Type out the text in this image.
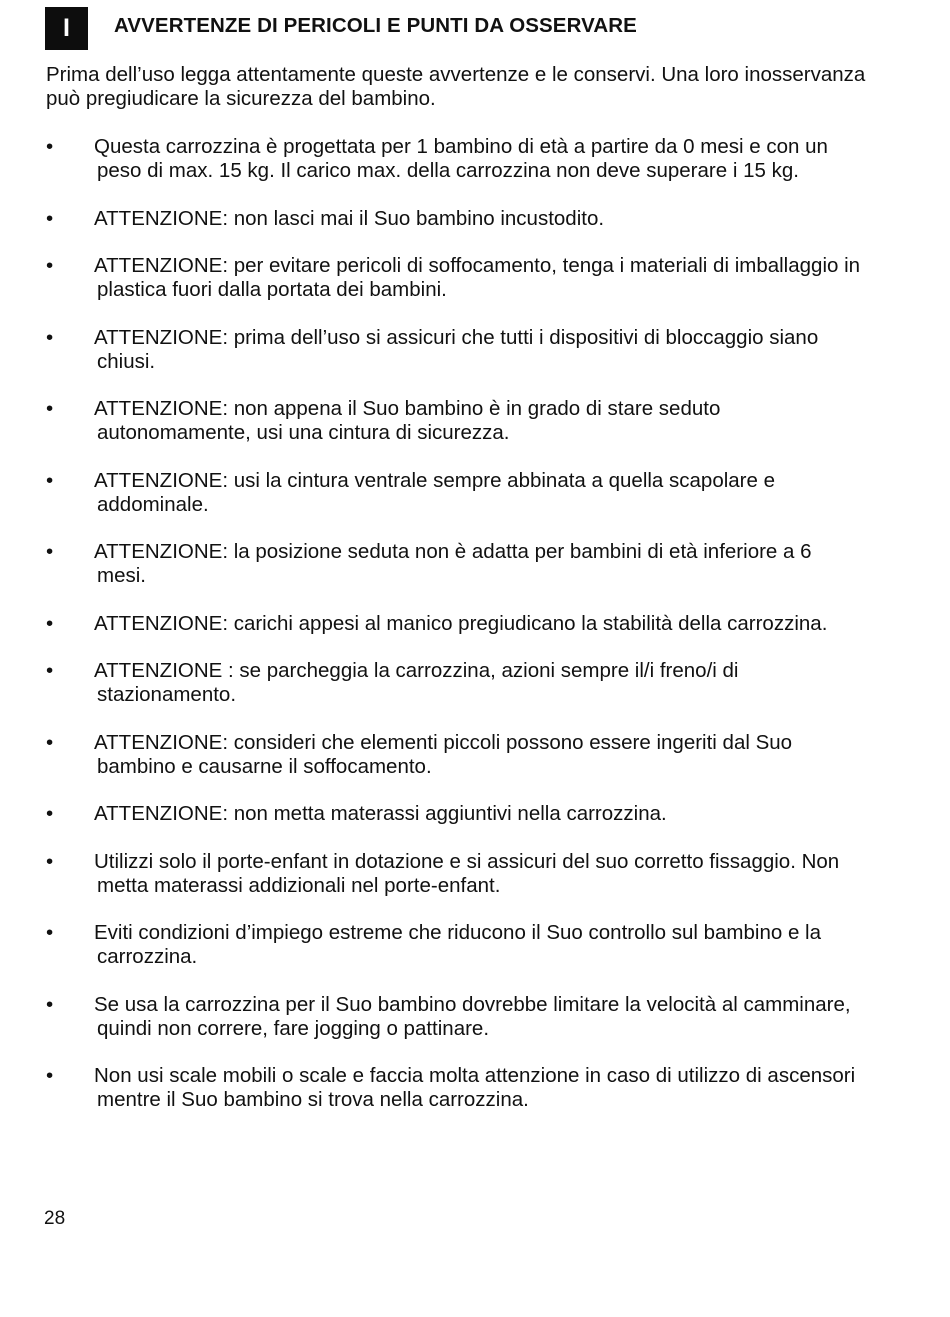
I	AVVERTENZE DI PERICOLI E PUNTI DA OSSERVARE

Prima dell’uso legga attentamente queste avvertenze e le conservi. Una loro inosservanza può pregiudicare la sicurezza del bambino.

•	Questa carrozzina è progettata per 1 bambino di età a partire da 0 mesi e con un peso di max. 15 kg. Il carico max. della carrozzina non deve superare i 15 kg.
•	ATTENZIONE: non lasci mai il Suo bambino incustodito.
•	ATTENZIONE: per evitare pericoli di soffocamento, tenga i materiali di imballaggio in plastica fuori dalla portata dei bambini.
•	ATTENZIONE: prima dell’uso si assicuri che tutti i dispositivi di bloccaggio siano chiusi.
•	ATTENZIONE: non appena il Suo bambino è in grado di stare seduto autonomamente, usi una cintura di sicurezza.
•	ATTENZIONE: usi la cintura ventrale sempre abbinata a quella scapolare e addominale.
•	ATTENZIONE: la posizione seduta non è adatta per bambini di età inferiore a 6 mesi.
•	ATTENZIONE: carichi appesi al manico pregiudicano la stabilità della carrozzina.
•	ATTENZIONE : se parcheggia la carrozzina, azioni sempre il/i freno/i di stazionamento.
•	ATTENZIONE: consideri che elementi piccoli possono essere ingeriti dal Suo bambino e causarne il soffocamento.
•	ATTENZIONE: non metta materassi aggiuntivi nella carrozzina.
•	Utilizzi solo il porte-enfant in dotazione e si assicuri del suo corretto fissaggio. Non metta materassi addizionali nel porte-enfant.
•	Eviti condizioni d’impiego estreme che riducono il Suo controllo sul bambino e la carrozzina.
•	Se usa la carrozzina per il Suo bambino dovrebbe limitare la velocità al camminare, quindi non correre, fare jogging o pattinare.
•	Non usi scale mobili o scale e faccia molta attenzione in caso di utilizzo di ascensori mentre il Suo bambino si trova nella carrozzina.
28
